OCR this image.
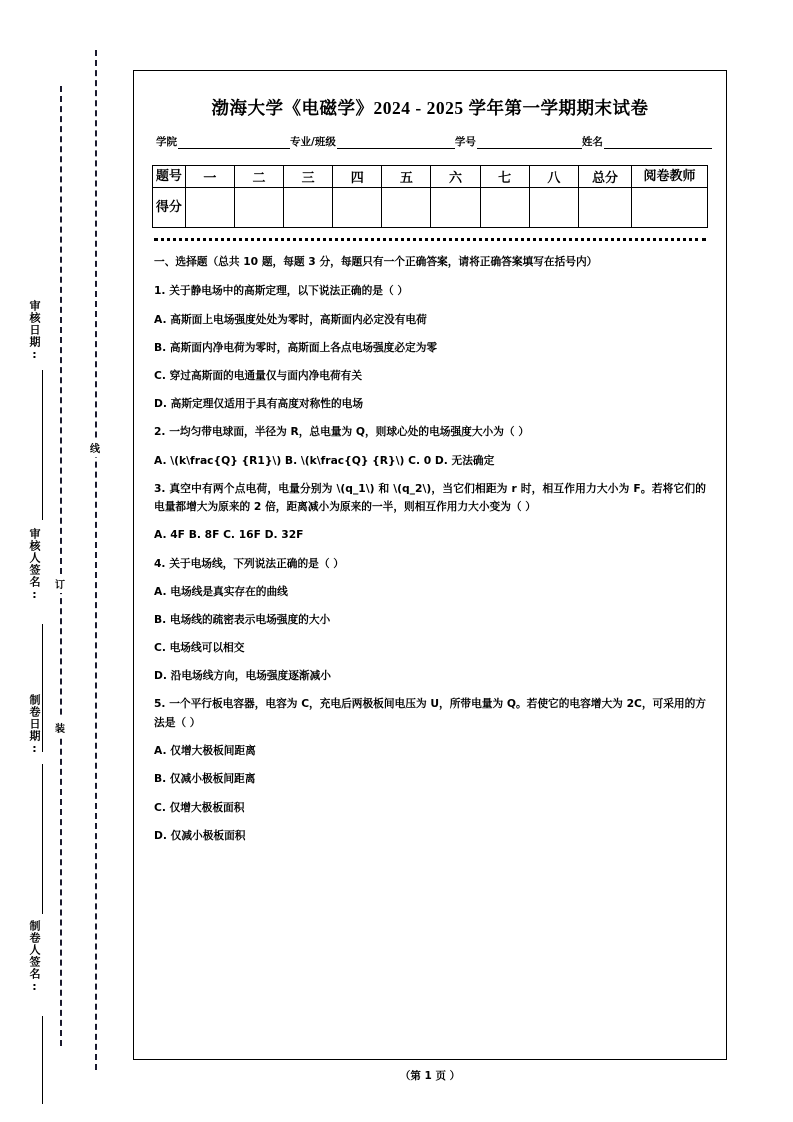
审核日期:
审核人签名:
制卷日期:
制卷人签名:
线
订
装
渤海大学《电磁学》2024 - 2025 学年第一学期期末试卷
学院	专业/班级	学号	姓名
题号	一	二	三	四	五	六	七	八	总分	阅卷教师
得分										
一、选择题（总共 10 题，每题 3 分，每题只有一个正确答案，请将正确答案填写在括号内）
1. 关于静电场中的高斯定理，以下说法正确的是（ ）
A. 高斯面上电场强度处处为零时，高斯面内必定没有电荷
B. 高斯面内净电荷为零时，高斯面上各点电场强度必定为零
C. 穿过高斯面的电通量仅与面内净电荷有关
D. 高斯定理仅适用于具有高度对称性的电场
2. 一均匀带电球面，半径为 R，总电量为 Q，则球心处的电场强度大小为（ ）
A. \(k\frac{Q} {R1}\) B. \(k\frac{Q} {R}\) C. 0 D. 无法确定
3. 真空中有两个点电荷，电量分别为 \(q_1\) 和 \(q_2\)，当它们相距为 r 时，相互作用力大小为 F。若将它们的电量都增大为原来的 2 倍，距离减小为原来的一半，则相互作用力大小变为（ ）
A. 4F B. 8F C. 16F D. 32F
4. 关于电场线，下列说法正确的是（ ）
A. 电场线是真实存在的曲线
B. 电场线的疏密表示电场强度的大小
C. 电场线可以相交
D. 沿电场线方向，电场强度逐渐减小
5. 一个平行板电容器，电容为 C，充电后两极板间电压为 U，所带电量为 Q。若使它的电容增大为 2C，可采用的方法是（ ）
A. 仅增大极板间距离
B. 仅减小极板间距离
C. 仅增大极板面积
D. 仅减小极板面积
（第 1 页 ）
